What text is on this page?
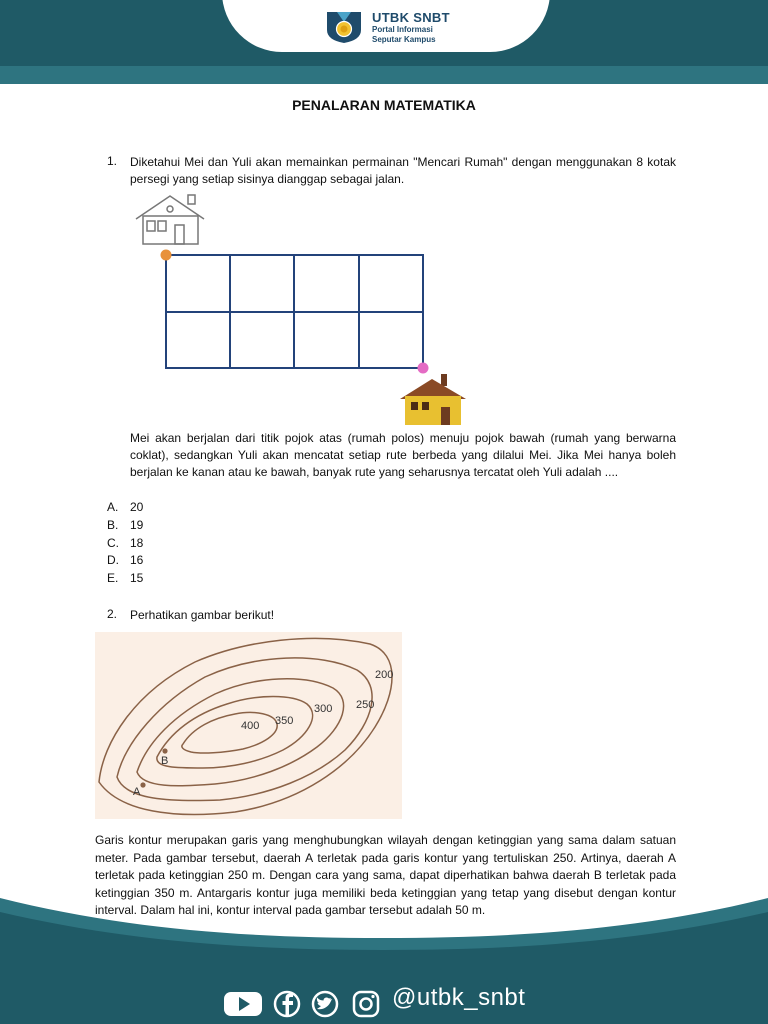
UTBK SNBT
Portal Informasi
Seputar Kampus
PENALARAN MATEMATIKA
1. Diketahui Mei dan Yuli akan memainkan permainan "Mencari Rumah" dengan menggunakan 8 kotak persegi yang setiap sisinya dianggap sebagai jalan.
Mei akan berjalan dari titik pojok atas (rumah polos) menuju pojok bawah (rumah yang berwarna coklat), sedangkan Yuli akan mencatat setiap rute berbeda yang dilalui Mei. Jika Mei hanya boleh berjalan ke kanan atau ke bawah, banyak rute yang seharusnya tercatat oleh Yuli adalah ....
A. 20
B. 19
C. 18
D. 16
E. 15
2. Perhatikan gambar berikut!
400 350
300 250
200
A
B
Garis kontur merupakan garis yang menghubungkan wilayah dengan ketinggian yang sama dalam satuan meter. Pada gambar tersebut, daerah A terletak pada garis kontur yang tertuliskan 250. Artinya, daerah A terletak pada ketinggian 250 m. Dengan cara yang sama, dapat diperhatikan bahwa daerah B terletak pada ketinggian 350 m. Antargaris kontur juga memiliki beda ketinggian yang tetap yang disebut dengan kontur interval. Dalam hal ini, kontur interval pada gambar tersebut adalah 50 m.
@utbk_snbt
